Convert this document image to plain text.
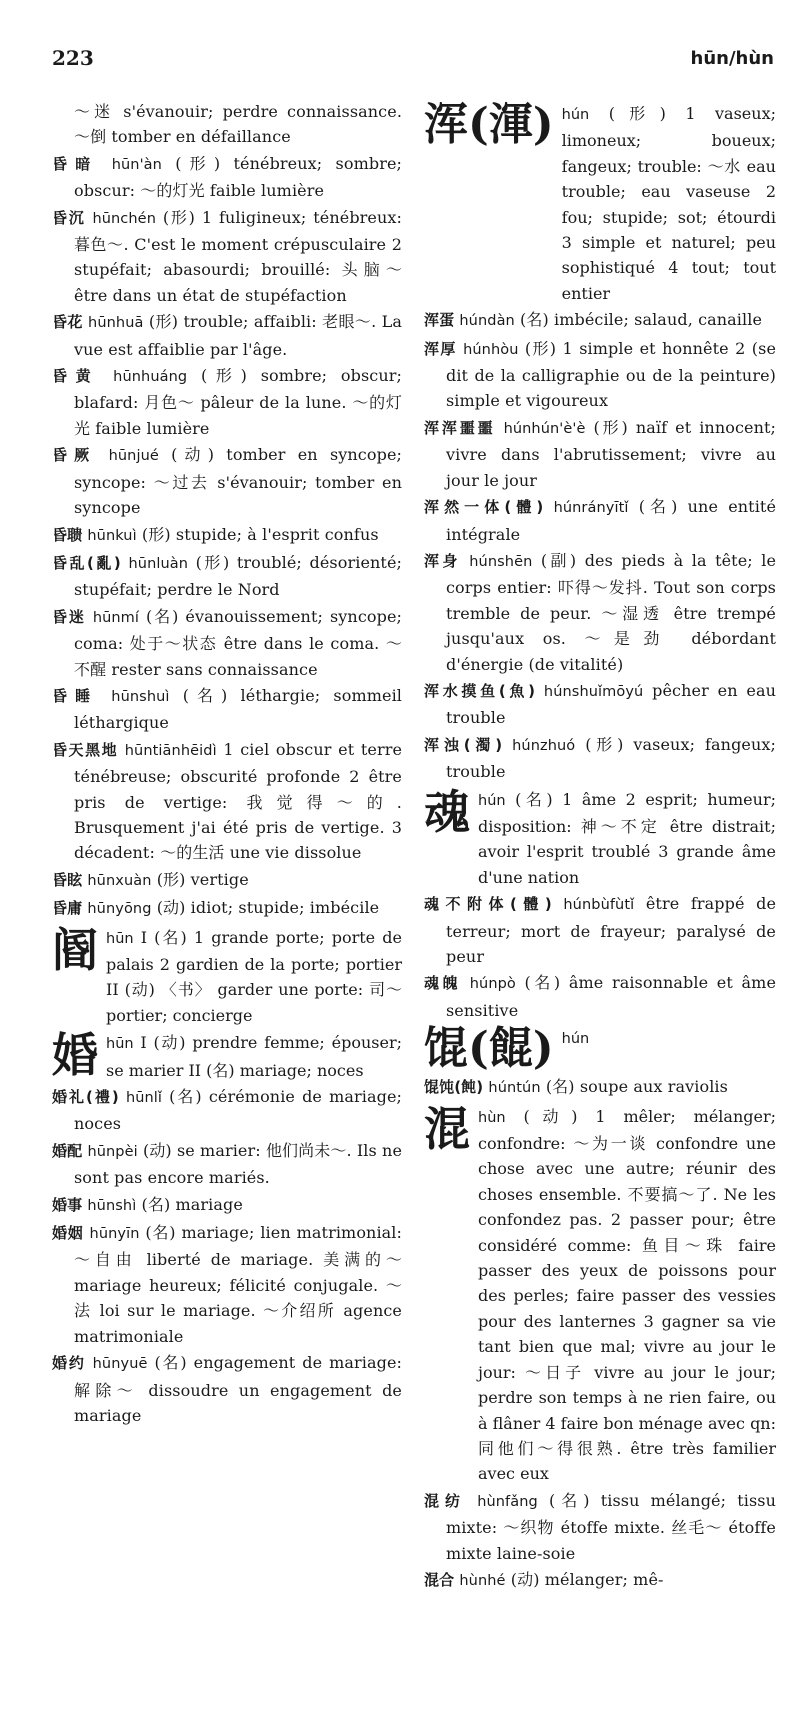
223	hūn/hùn
～迷 s'évanouir; perdre connaissance. ～倒 tomber en défaillance
昏暗 hūn'àn (形) ténébreux; sombre; obscur: ～的灯光 faible lumière
昏沉 hūnchén (形) 1 fuligineux; ténébreux: 暮色～. C'est le moment crépusculaire 2 stupéfait; abasourdi; brouillé: 头脑～ être dans un état de stupéfaction
昏花 hūnhuā (形) trouble; affaibli: 老眼～. La vue est affaiblie par l'âge.
昏黄 hūnhuáng (形) sombre; obscur; blafard: 月色～ pâleur de la lune. ～的灯光 faible lumière
昏厥 hūnjué (动) tomber en syncope; syncope: ～过去 s'évanouir; tomber en syncope
昏聩 hūnkuì (形) stupide; à l'esprit confus
昏乱(亂) hūnluàn (形) troublé; désorienté; stupéfait; perdre le Nord
昏迷 hūnmí (名) évanouissement; syncope; coma: 处于～状态 être dans le coma. ～不醒 rester sans connaissance
昏睡 hūnshuì (名) léthargie; sommeil léthargique
昏天黑地 hūntiānhēidì 1 ciel obscur et terre ténébreuse; obscurité profonde 2 être pris de vertige: 我觉得～的. Brusquement j'ai été pris de vertige. 3 décadent: ～的生活 une vie dissolue
昏眩 hūnxuàn (形) vertige
昏庸 hūnyōng (动) idiot; stupide; imbécile
阍 hūn I (名) 1 grande porte; porte de palais 2 gardien de la porte; portier II (动) 〈书〉 garder une porte: 司～ portier; concierge
婚 hūn I (动) prendre femme; épouser; se marier II (名) mariage; noces
婚礼(禮) hūnlǐ (名) cérémonie de mariage; noces
婚配 hūnpèi (动) se marier: 他们尚未～. Ils ne sont pas encore mariés.
婚事 hūnshì (名) mariage
婚姻 hūnyīn (名) mariage; lien matrimonial: ～自由 liberté de mariage. 美满的～ mariage heureux; félicité conjugale. ～法 loi sur le mariage. ～介绍所 agence matrimoniale
婚约 hūnyuē (名) engagement de mariage: 解除～ dissoudre un engagement de mariage
浑(渾) hún (形) 1 vaseux; limoneux; boueux; fangeux; trouble: ～水 eau trouble; eau vaseuse 2 fou; stupide; sot; étourdi 3 simple et naturel; peu sophistiqué 4 tout; tout entier
浑蛋 húndàn (名) imbécile; salaud, canaille
浑厚 húnhòu (形) 1 simple et honnête 2 (se dit de la calligraphie ou de la peinture) simple et vigoureux
浑浑噩噩 húnhún'è'è (形) naïf et innocent; vivre dans l'abrutissement; vivre au jour le jour
浑然一体(體) húnrányītǐ (名) une entité intégrale
浑身 húnshēn (副) des pieds à la tête; le corps entier: 吓得～发抖. Tout son corps tremble de peur. ～湿透 être trempé jusqu'aux os. ～是劲 débordant d'énergie (de vitalité)
浑水摸鱼(魚) húnshuǐmōyú pêcher en eau trouble
浑浊(濁) húnzhuó (形) vaseux; fangeux; trouble
魂 hún (名) 1 âme 2 esprit; humeur; disposition: 神～不定 être distrait; avoir l'esprit troublé 3 grande âme d'une nation
魂不附体(體) húnbùfùtǐ être frappé de terreur; mort de frayeur; paralysé de peur
魂魄 húnpò (名) âme raisonnable et âme sensitive
馄(餛) hún
馄饨(飩) húntún (名) soupe aux raviolis
混 hùn (动) 1 mêler; mélanger; confondre: ～为一谈 confondre une chose avec une autre; réunir des choses ensemble. 不要搞～了. Ne les confondez pas. 2 passer pour; être considéré comme: 鱼目～珠 faire passer des yeux de poissons pour des perles; faire passer des vessies pour des lanternes 3 gagner sa vie tant bien que mal; vivre au jour le jour: ～日子 vivre au jour le jour; perdre son temps à ne rien faire, ou à flâner 4 faire bon ménage avec qn: 同他们～得很熟. être très familier avec eux
混纺 hùnfǎng (名) tissu mélangé; tissu mixte: ～织物 étoffe mixte. 丝毛～ étoffe mixte laine-soie
混合 hùnhé (动) mélanger; mê-
